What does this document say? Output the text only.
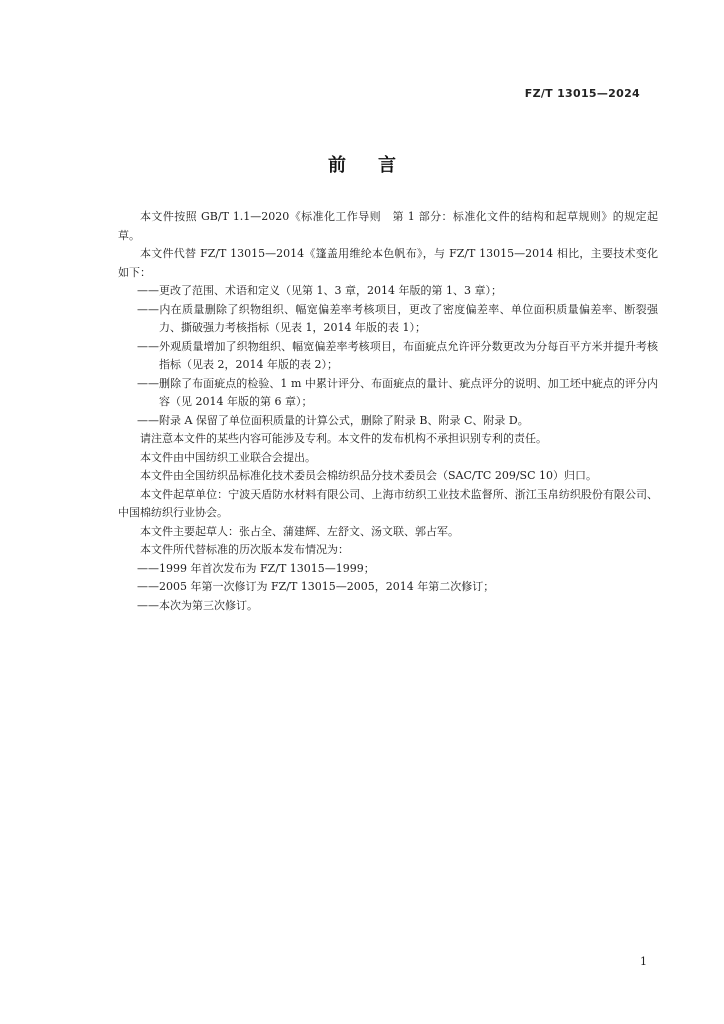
FZ/T 13015—2024
前言

本文件按照 GB/T 1.1—2020《标准化工作导则　第 1 部分：标准化文件的结构和起草规则》的规定起草。

本文件代替 FZ/T 13015—2014《篷盖用维纶本色帆布》，与 FZ/T 13015—2014 相比，主要技术变化如下：

——更改了范围、术语和定义（见第 1、3 章，2014 年版的第 1、3 章）；

——内在质量删除了织物组织、幅宽偏差率考核项目，更改了密度偏差率、单位面积质量偏差率、断裂强力、撕破强力考核指标（见表 1，2014 年版的表 1）；

——外观质量增加了织物组织、幅宽偏差率考核项目，布面疵点允许评分数更改为分每百平方米并提升考核指标（见表 2，2014 年版的表 2）；

——删除了布面疵点的检验、1 m 中累计评分、布面疵点的量计、疵点评分的说明、加工坯中疵点的评分内容（见 2014 年版的第 6 章）；

——附录 A 保留了单位面积质量的计算公式，删除了附录 B、附录 C、附录 D。

请注意本文件的某些内容可能涉及专利。本文件的发布机构不承担识别专利的责任。

本文件由中国纺织工业联合会提出。

本文件由全国纺织品标准化技术委员会棉纺织品分技术委员会（SAC/TC 209/SC 10）归口。

本文件起草单位：宁波天盾防水材料有限公司、上海市纺织工业技术监督所、浙江玉帛纺织股份有限公司、中国棉纺织行业协会。

本文件主要起草人：张占全、蒲建辉、左舒文、汤文联、郭占军。

本文件所代替标准的历次版本发布情况为：

——1999 年首次发布为 FZ/T 13015—1999；

——2005 年第一次修订为 FZ/T 13015—2005，2014 年第二次修订；

——本次为第三次修订。

1
